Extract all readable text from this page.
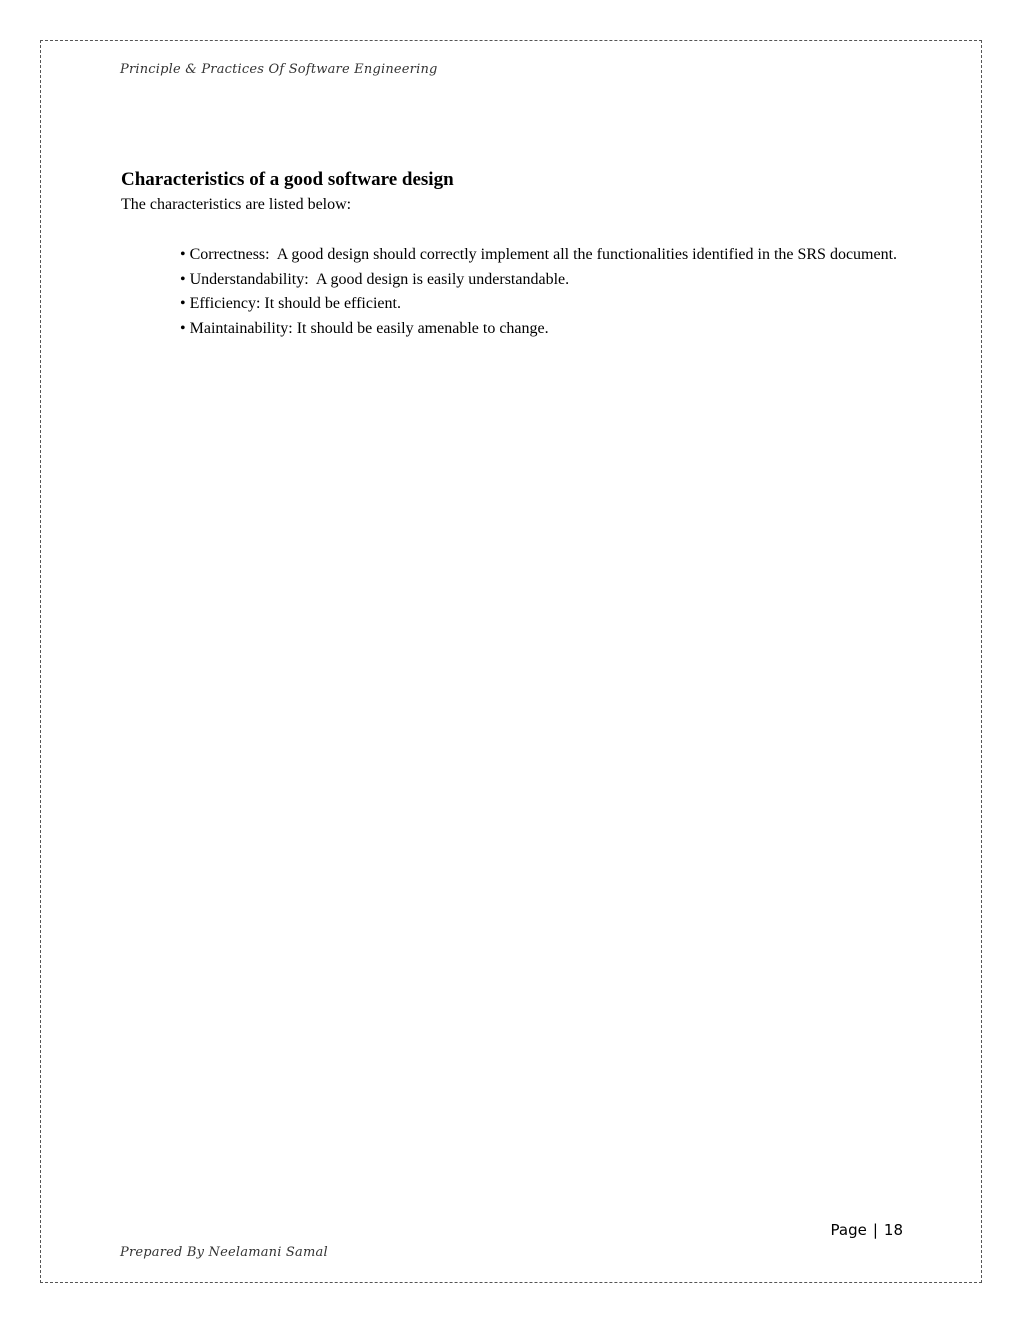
Principle & Practices Of Software Engineering
Characteristics of a good software design
The characteristics are listed below:
• Correctness:  A good design should correctly implement all the functionalities identified in the SRS document.
• Understandability:  A good design is easily understandable.
• Efficiency: It should be efficient.
• Maintainability: It should be easily amenable to change.
Page | 18
Prepared By Neelamani Samal
